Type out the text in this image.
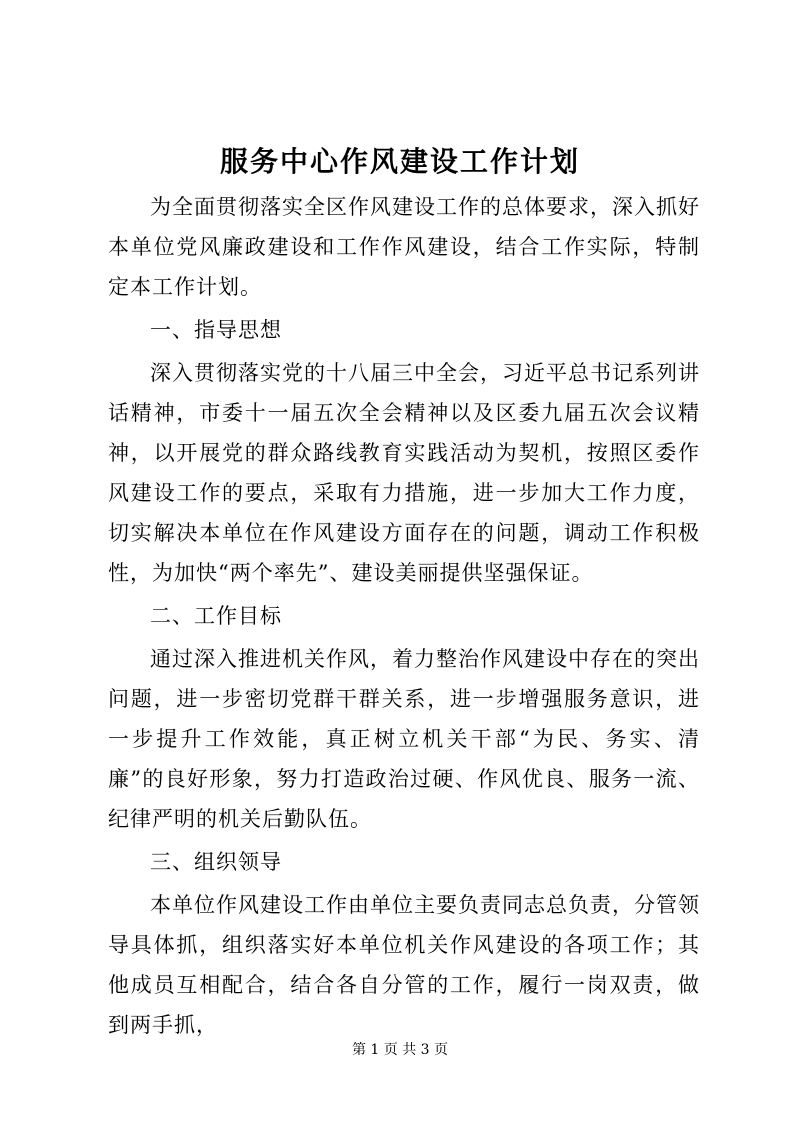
服务中心作风建设工作计划

为全面贯彻落实全区作风建设工作的总体要求，深入抓好本单位党风廉政建设和工作作风建设，结合工作实际，特制定本工作计划。

一、指导思想

深入贯彻落实党的十八届三中全会，习近平总书记系列讲话精神，市委十一届五次全会精神以及区委九届五次会议精神，以开展党的群众路线教育实践活动为契机，按照区委作风建设工作的要点，采取有力措施，进一步加大工作力度，切实解决本单位在作风建设方面存在的问题，调动工作积极性，为加快“两个率先”、建设美丽提供坚强保证。

二、工作目标

通过深入推进机关作风，着力整治作风建设中存在的突出问题，进一步密切党群干群关系，进一步增强服务意识，进一步提升工作效能，真正树立机关干部“为民、务实、清廉”的良好形象，努力打造政治过硬、作风优良、服务一流、纪律严明的机关后勤队伍。

三、组织领导

本单位作风建设工作由单位主要负责同志总负责，分管领导具体抓，组织落实好本单位机关作风建设的各项工作；其他成员互相配合，结合各自分管的工作，履行一岗双责，做到两手抓，

第 1 页 共 3 页
